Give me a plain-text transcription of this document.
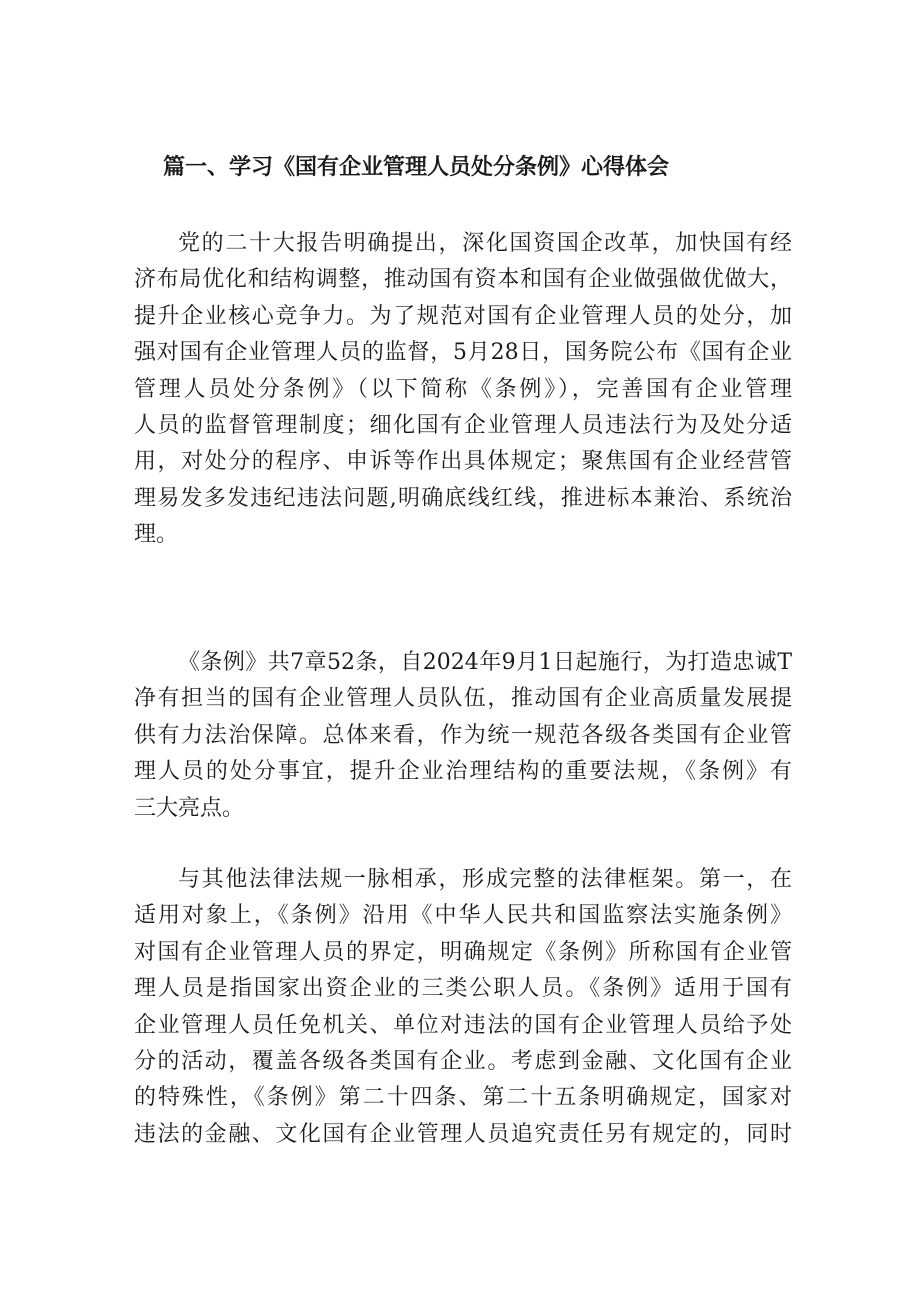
篇一、学习《国有企业管理人员处分条例》心得体会

党的二十大报告明确提出，深化国资国企改革，加快国有经
济布局优化和结构调整，推动国有资本和国有企业做强做优做大，
提升企业核心竞争力。为了规范对国有企业管理人员的处分，加
强对国有企业管理人员的监督，5月28日，国务院公布《国有企业
管理人员处分条例》（以下简称《条例》），完善国有企业管理
人员的监督管理制度；细化国有企业管理人员违法行为及处分适
用，对处分的程序、申诉等作出具体规定；聚焦国有企业经营管
理易发多发违纪违法问题,明确底线红线，推进标本兼治、系统治
理。

《条例》共7章52条，自2024年9月1日起施行，为打造忠诚T
净有担当的国有企业管理人员队伍，推动国有企业高质量发展提
供有力法治保障。总体来看，作为统一规范各级各类国有企业管
理人员的处分事宜，提升企业治理结构的重要法规，《条例》有
三大亮点。

与其他法律法规一脉相承，形成完整的法律框架。第一，在
适用对象上，《条例》沿用《中华人民共和国监察法实施条例》
对国有企业管理人员的界定，明确规定《条例》所称国有企业管
理人员是指国家出资企业的三类公职人员。《条例》适用于国有
企业管理人员任免机关、单位对违法的国有企业管理人员给予处
分的活动，覆盖各级各类国有企业。考虑到金融、文化国有企业
的特殊性，《条例》第二十四条、第二十五条明确规定，国家对
违法的金融、文化国有企业管理人员追究责任另有规定的，同时
